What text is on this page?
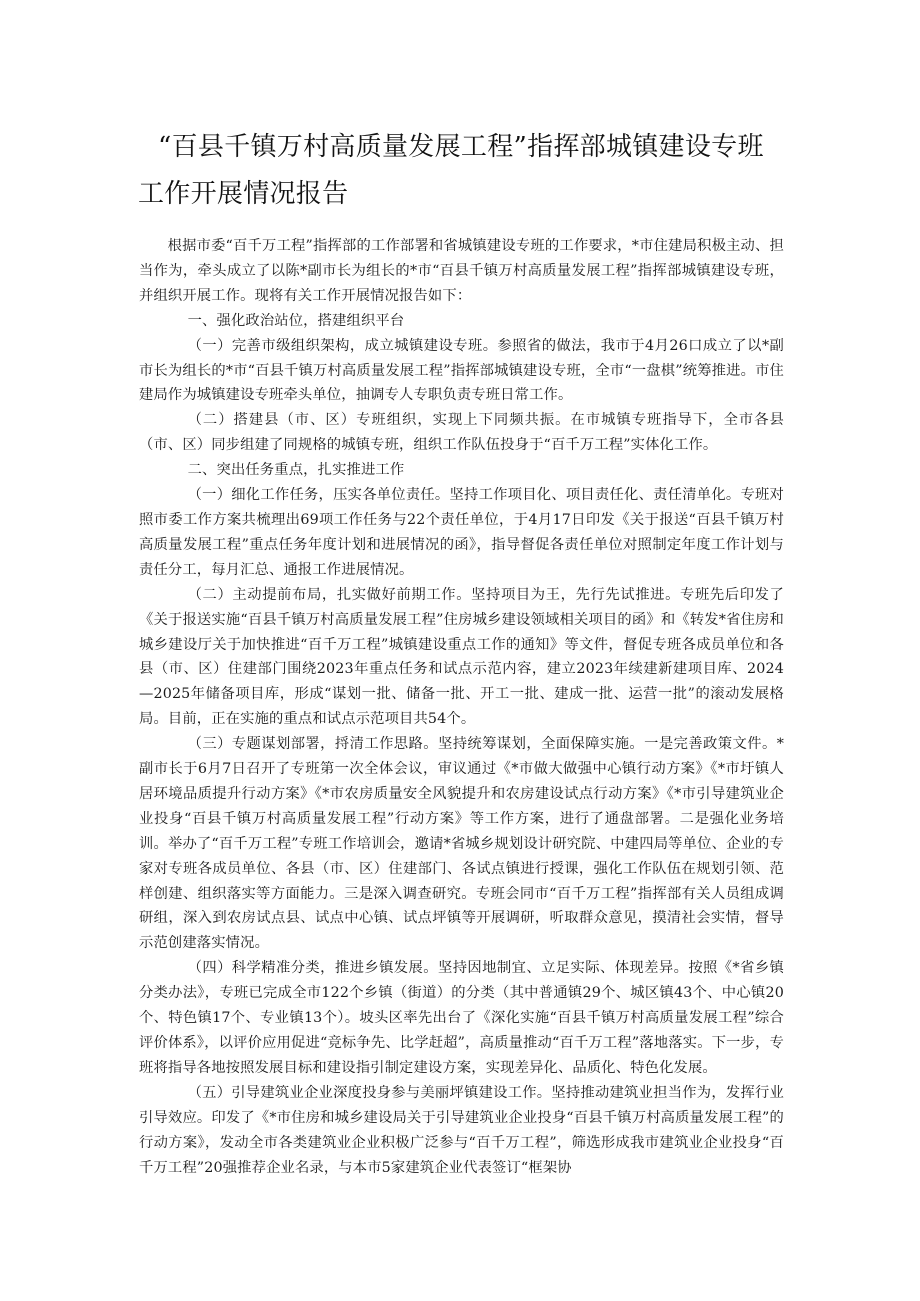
“百县千镇万村高质量发展工程”指挥部城镇建设专班
工作开展情况报告

根据市委“百千万工程”指挥部的工作部署和省城镇建设专班的工作要求，*市住建局积极主动、担当作为，牵头成立了以陈*副市长为组长的*市“百县千镇万村高质量发展工程”指挥部城镇建设专班，并组织开展工作。现将有关工作开展情况报告如下：

一、强化政治站位，搭建组织平台

（一）完善市级组织架构，成立城镇建设专班。参照省的做法，我市于4月26口成立了以*副市长为组长的*市“百县千镇万村高质量发展工程”指挥部城镇建设专班，全市“一盘棋”统筹推进。市住建局作为城镇建设专班牵头单位，抽调专人专职负责专班日常工作。

（二）搭建县（市、区）专班组织，实现上下同频共振。在市城镇专班指导下，全市各县（市、区）同步组建了同规格的城镇专班，组织工作队伍投身于“百千万工程”实体化工作。

二、突出任务重点，扎实推进工作

（一）细化工作任务，压实各单位责任。坚持工作项目化、项目责任化、责任清单化。专班对照市委工作方案共梳理出69项工作任务与22个责任单位，于4月17日印发《关于报送“百县千镇万村高质量发展工程”重点任务年度计划和进展情况的函》，指导督促各责任单位对照制定年度工作计划与责任分工，每月汇总、通报工作进展情况。

（二）主动提前布局，扎实做好前期工作。坚持项目为王，先行先试推进。专班先后印发了《关于报送实施“百县千镇万村高质量发展工程”住房城乡建设领域相关项目的函》和《转发*省住房和城乡建设厅关于加快推进“百千万工程”城镇建设重点工作的通知》等文件，督促专班各成员单位和各县（市、区）住建部门围绕2023年重点任务和试点示范内容，建立2023年续建新建项目库、2024—2025年储备项目库，形成“谋划一批、储备一批、开工一批、建成一批、运营一批”的滚动发展格局。目前，正在实施的重点和试点示范项目共54个。

（三）专题谋划部署，捋清工作思路。坚持统筹谋划，全面保障实施。一是完善政策文件。*副市长于6月7日召开了专班第一次全体会议，审议通过《*市做大做强中心镇行动方案》《*市圩镇人居环境品质提升行动方案》《*市农房质量安全风貌提升和农房建设试点行动方案》《*市引导建筑业企业投身“百县千镇万村高质量发展工程”行动方案》等工作方案，进行了通盘部署。二是强化业务培训。举办了“百千万工程”专班工作培训会，邀请*省城乡规划设计研究院、中建四局等单位、企业的专家对专班各成员单位、各县（市、区）住建部门、各试点镇进行授课，强化工作队伍在规划引领、范样创建、组织落实等方面能力。三是深入调查研究。专班会同市“百千万工程”指挥部有关人员组成调研组，深入到农房试点县、试点中心镇、试点坪镇等开展调研，听取群众意见，摸清社会实情，督导示范创建落实情况。

（四）科学精准分类，推进乡镇发展。坚持因地制宜、立足实际、体现差异。按照《*省乡镇分类办法》，专班已完成全市122个乡镇（街道）的分类（其中普通镇29个、城区镇43个、中心镇20个、特色镇17个、专业镇13个）。坡头区率先出台了《深化实施“百县千镇万村高质量发展工程”综合评价体系》，以评价应用促进“竞标争先、比学赶超”，高质量推动“百千万工程”落地落实。下一步，专班将指导各地按照发展目标和建设指引制定建设方案，实现差异化、品质化、特色化发展。

（五）引导建筑业企业深度投身参与美丽坪镇建设工作。坚持推动建筑业担当作为，发挥行业引导效应。印发了《*市住房和城乡建设局关于引导建筑业企业投身“百县千镇万村高质量发展工程”的行动方案》，发动全市各类建筑业企业积极广泛参与“百千万工程”，筛选形成我市建筑业企业投身“百千万工程”20强推荐企业名录，与本市5家建筑企业代表签订“框架协
